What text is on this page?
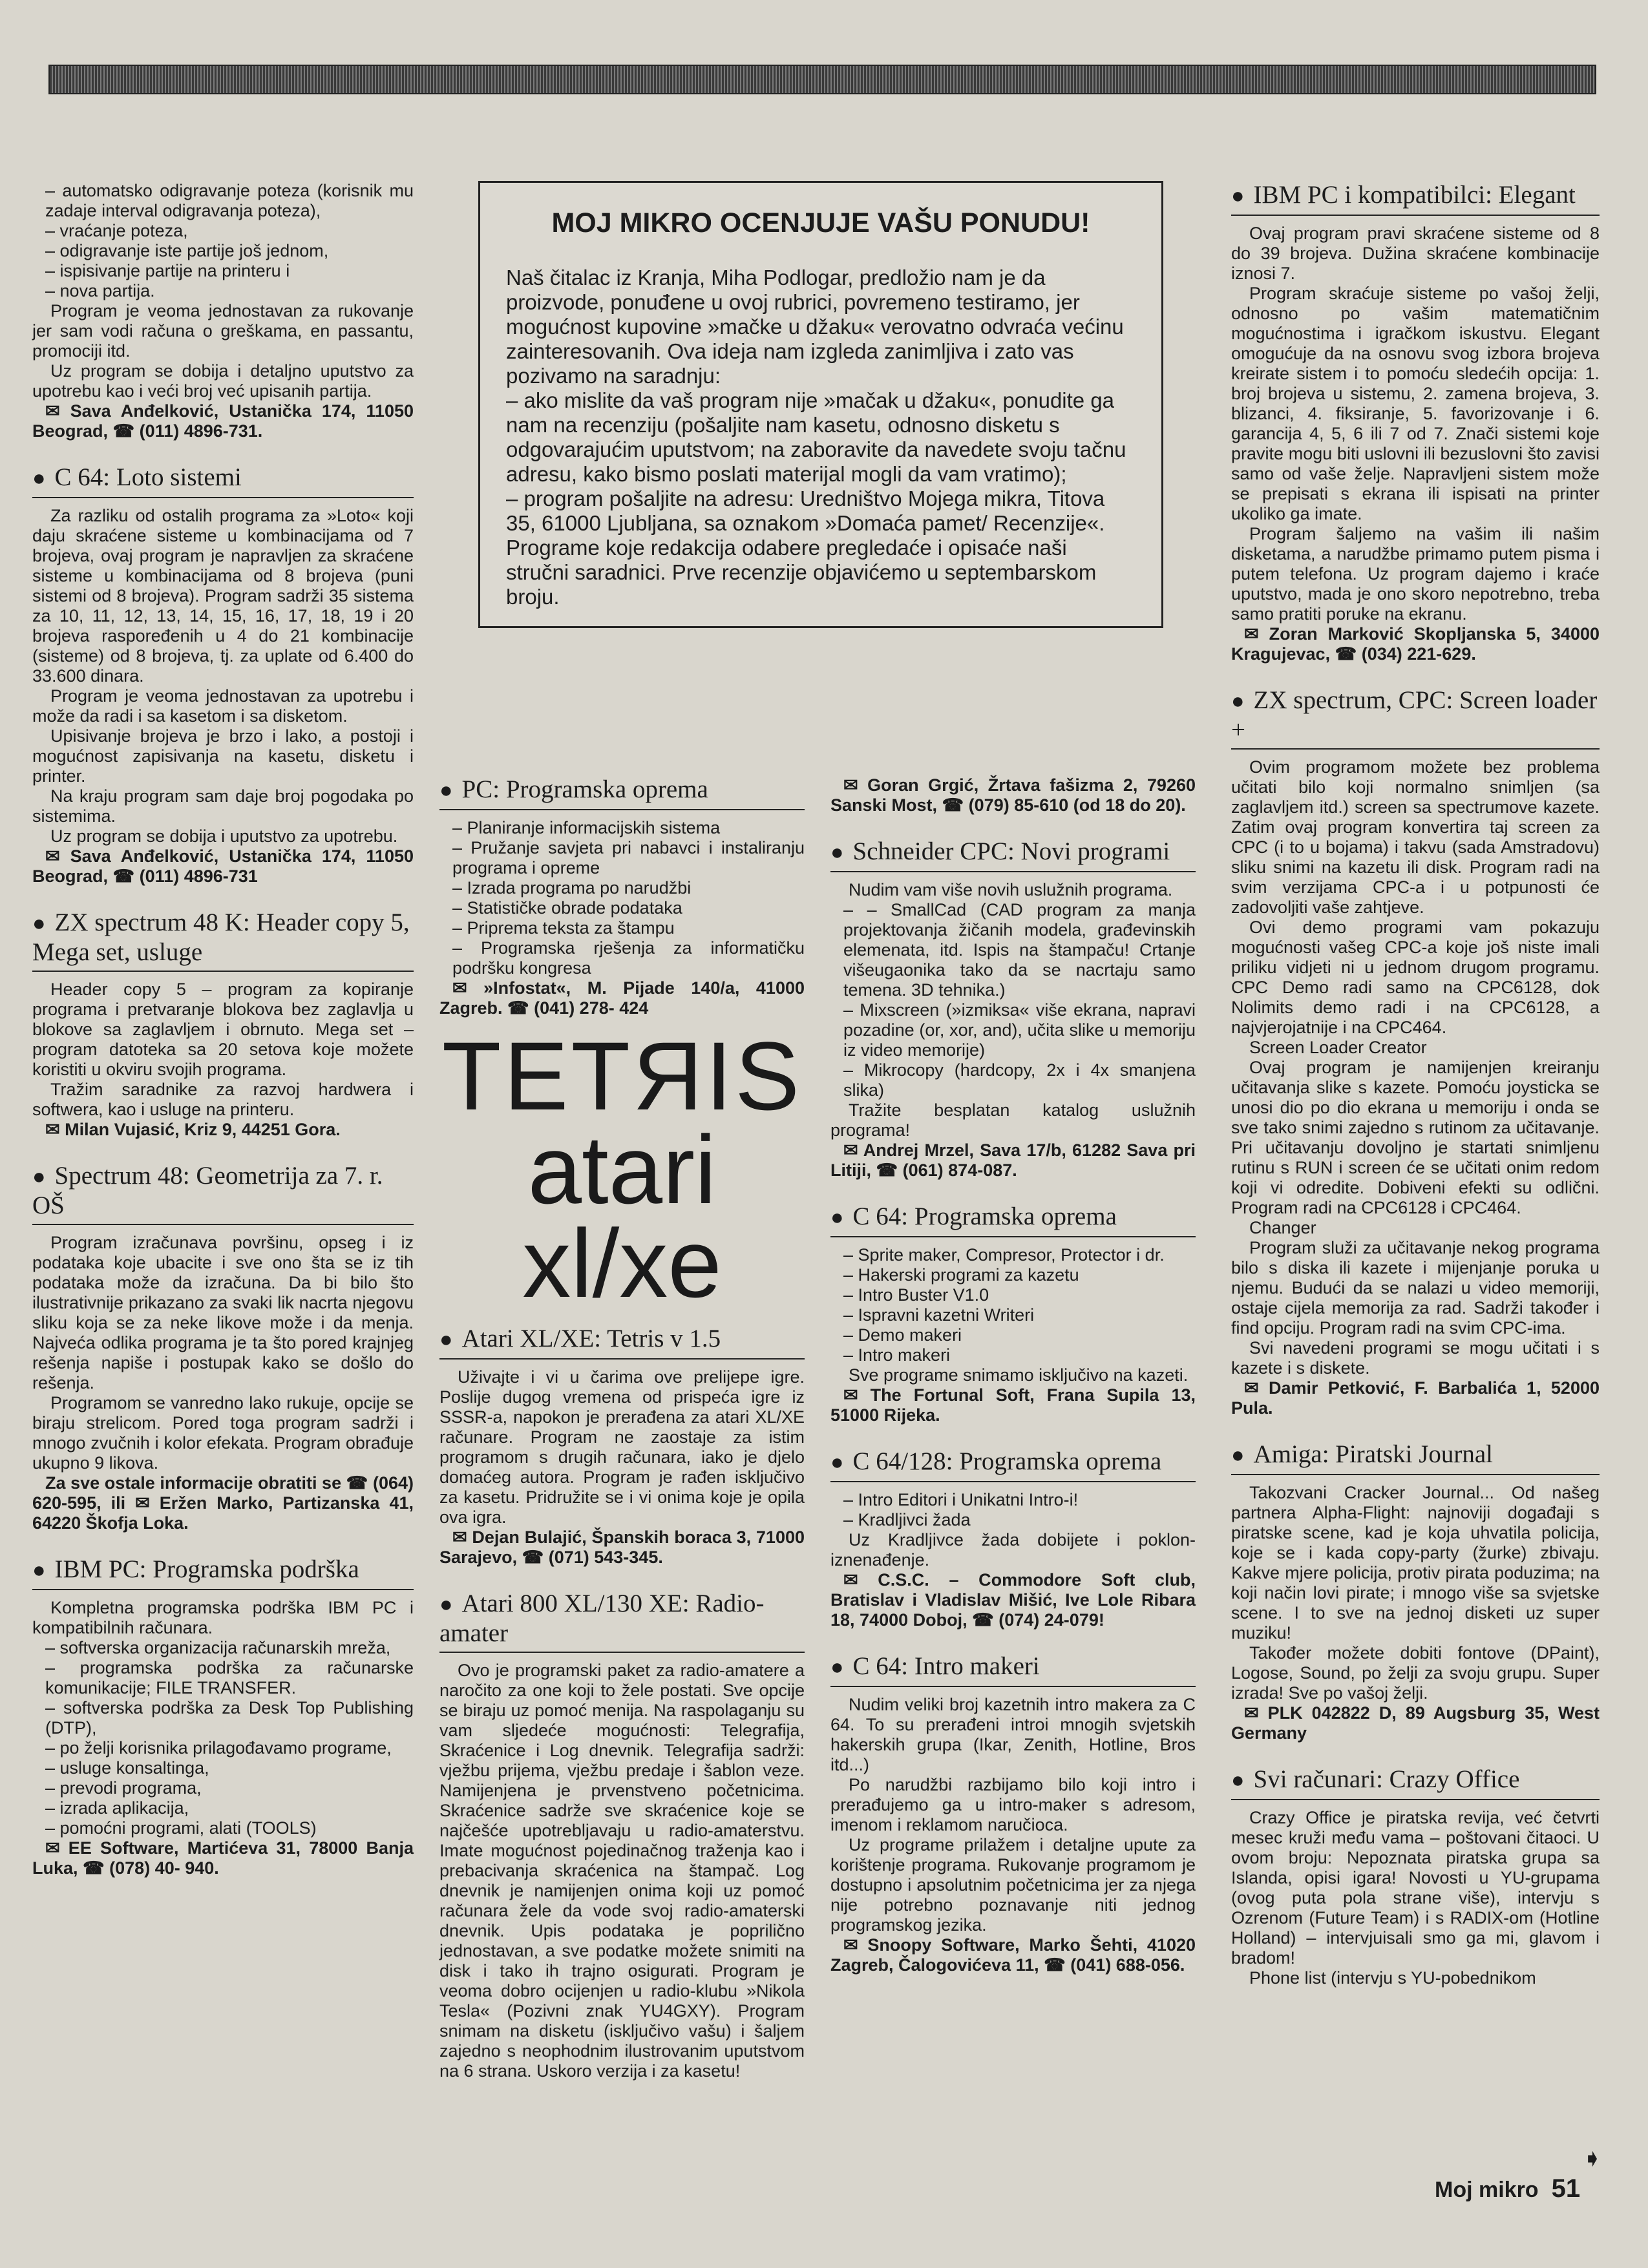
– automatsko odigravanje poteza (korisnik mu zadaje interval odigravanja poteza),

– vraćanje poteza,

– odigravanje iste partije još jednom,

– ispisivanje partije na printeru i

– nova partija.

Program je veoma jednostavan za rukovanje jer sam vodi računa o greškama, en passantu, promociji itd.

Uz program se dobija i detaljno uputstvo za upotrebu kao i veći broj već upisanih partija.

✉ Sava Anđelković, Ustanička 174, 11050 Beograd, ☎ (011) 4896-731.

● C 64: Loto sistemi

Za razliku od ostalih programa za »Loto« koji daju skraćene sisteme u kombinacijama od 7 brojeva, ovaj program je napravljen za skraćene sisteme u kombinacijama od 8 brojeva (puni sistemi od 8 brojeva). Program sadrži 35 sistema za 10, 11, 12, 13, 14, 15, 16, 17, 18, 19 i 20 brojeva raspoređenih u 4 do 21 kombinacije (sisteme) od 8 brojeva, tj. za uplate od 6.400 do 33.600 dinara.

Program je veoma jednostavan za upotrebu i može da radi i sa kasetom i sa disketom.

Upisivanje brojeva je brzo i lako, a postoji i mogućnost zapisivanja na kasetu, disketu i printer.

Na kraju program sam daje broj pogodaka po sistemima.

Uz program se dobija i uputstvo za upotrebu.

✉ Sava Anđelković, Ustanička 174, 11050 Beograd, ☎ (011) 4896-731

● ZX spectrum 48 K: Header copy 5, Mega set, usluge

Header copy 5 – program za kopiranje programa i pretvaranje blokova bez zaglavlja u blokove sa zaglavljem i obrnuto. Mega set – program datoteka sa 20 setova koje možete koristiti u okviru svojih programa.

Tražim saradnike za razvoj hardwera i softwera, kao i usluge na printeru.

✉ Milan Vujasić, Kriz 9, 44251 Gora.

● Spectrum 48: Geometrija za 7. r. OŠ

Program izračunava površinu, opseg i iz podataka koje ubacite i sve ono šta se iz tih podataka može da izračuna. Da bi bilo što ilustrativnije prikazano za svaki lik nacrta njegovu sliku koja se za neke likove može i da menja. Najveća odlika programa je ta što pored krajnjeg rešenja napiše i postupak kako se došlo do rešenja.

Programom se vanredno lako rukuje, opcije se biraju strelicom. Pored toga program sadrži i mnogo zvučnih i kolor efekata. Program obrađuje ukupno 9 likova.

Za sve ostale informacije obratiti se ☎ (064) 620-595, ili ✉ Eržen Marko, Partizanska 41, 64220 Škofja Loka.

● IBM PC: Programska podrška

Kompletna programska podrška IBM PC i kompatibilnih računara.

– softverska organizacija računarskih mreža,

– programska podrška za računarske komunikacije; FILE TRANSFER.

– softverska podrška za Desk Top Publishing (DTP),

– po želji korisnika prilagođavamo programe,

– usluge konsaltinga,

– prevodi programa,

– izrada aplikacija,

– pomoćni programi, alati (TOOLS)

✉ EE Software, Martićeva 31, 78000 Banja Luka, ☎ (078) 40- 940.

MOJ MIKRO OCENJUJE VAŠU PONUDU!

Naš čitalac iz Kranja, Miha Podlogar, predložio nam je da proizvode, ponuđene u ovoj rubrici, povremeno testiramo, jer mogućnost kupovine »mačke u džaku« verovatno odvraća većinu zainteresovanih. Ova ideja nam izgleda zanimljiva i zato vas pozivamo na saradnju:

– ako mislite da vaš program nije »mačak u džaku«, ponudite ga nam na recenziju (pošaljite nam kasetu, odnosno disketu s odgovarajućim uputstvom; na zaboravite da navedete svoju tačnu adresu, kako bismo poslati materijal mogli da vam vratimo);

– program pošaljite na adresu: Uredništvo Mojega mikra, Titova 35, 61000 Ljubljana, sa oznakom »Domaća pamet/ Recenzije«.

Programe koje redakcija odabere pregledaće i opisaće naši stručni saradnici. Prve recenzije objavićemo u septembarskom broju.

● PC: Programska oprema

– Planiranje informacijskih sistema

– Pružanje savjeta pri nabavci i instaliranju programa i opreme

– Izrada programa po narudžbi

– Statističke obrade podataka

– Pripremа teksta za štampu

– Programska rješenja za informatičku podršku kongresa

✉ »Infostat«, M. Pijade 140/a, 41000 Zagreb. ☎ (041) 278- 424

TETЯIS
atari
xl/xe
● Atari XL/XE: Tetris v 1.5

Uživajte i vi u čarima ove prelijepe igre. Poslije dugog vremena od prispeća igre iz SSSR-a, napokon je prerađena za atari XL/XE računare. Program ne zaostaje za istim programom s drugih računara, iako je djelo domaćeg autora. Program je rađen isključivo za kasetu. Pridružite se i vi onima koje je opila ova igra.

✉ Dejan Bulajić, Španskih boraca 3, 71000 Sarajevo, ☎ (071) 543-345.

● Atari 800 XL/130 XE: Radio-amater

Ovo je programski paket za radio-amatere a naročito za one koji to žele postati. Sve opcije se biraju uz pomoć menija. Na raspolaganju su vam sljedeće mogućnosti: Telegrafija, Skraćenice i Log dnevnik. Telegrafija sadrži: vježbu prijema, vježbu predaje i šablon veze. Namijenjena je prvenstveno početnicima. Skraćenice sadrže sve skraćenice koje se najčešće upotrebljavaju u radio-amaterstvu. Imate mogućnost pojedinačnog traženja kao i prebacivanja skraćenica na štampač. Log dnevnik je namijenjen onima koji uz pomoć računara žele da vode svoj radio-amaterski dnevnik. Upis podataka je poprilično jednostavan, a sve podatke možete snimiti na disk i tako ih trajno osigurati. Program je veoma dobro ocijenjen u radio-klubu »Nikola Tesla« (Pozivni znak YU4GXY). Program snimam na disketu (isključivo vašu) i šaljem zajedno s neophodnim ilustrovanim uputstvom na 6 strana. Uskoro verzija i za kasetu!

✉ Goran Grgić, Žrtava fašizma 2, 79260 Sanski Most, ☎ (079) 85-610 (od 18 do 20).

● Schneider CPC: Novi programi

Nudim vam više novih uslužnih programa.

– – SmallCad (CAD program za manja projektovanja žičanih modela, građevinskih elemenata, itd. Ispis na štampaču! Crtanje višeugaonika tako da se nacrtaju samo temena. 3D tehnika.)

– Mixscreen (»izmiksa« više ekrana, napravi pozadine (or, xor, and), učita slike u memoriju iz video memorije)

– Mikrocopy (hardcopy, 2x i 4x smanjena slika)

Tražite besplatan katalog uslužnih programa!

✉ Andrej Mrzel, Sava 17/b, 61282 Sava pri Litiji, ☎ (061) 874-087.

● C 64: Programska oprema

– Sprite maker, Compresor, Protector i dr.

– Hakerski programi za kazetu

– Intro Buster V1.0

– Ispravni kazetni Writeri

– Demo makeri

– Intro makeri

Sve programe snimamo isključivo na kazeti.

✉ The Fortunal Soft, Frana Supila 13, 51000 Rijeka.

● C 64/128: Programska oprema

– Intro Editori i Unikatni Intro-i!

– Kradljivci žada

Uz Kradljivce žada dobijete i poklon-iznenađenje.

✉ C.S.C. – Commodore Soft club, Bratislav i Vladislav Mišić, Ive Lole Ribara 18, 74000 Doboj, ☎ (074) 24-079!

● C 64: Intro makeri

Nudim veliki broj kazetnih intro makera za C 64. To su prerađeni introi mnogih svjetskih hakerskih grupa (Ikar, Zenith, Hotline, Bros itd...)

Po narudžbi razbijamo bilo koji intro i prerađujemo ga u intro-maker s adresom, imenom i reklamom naručioca.

Uz programe prilažem i detaljne upute za korištenje programa. Rukovanje programom je dostupno i apsolutnim početnicima jer za njega nije potrebno poznavanje niti jednog programskog jezika.

✉ Snoopy Software, Marko Šehti, 41020 Zagreb, Čalogovićeva 11, ☎ (041) 688-056.

● IBM PC i kompatibilci: Elegant

Ovaj program pravi skraćene sisteme od 8 do 39 brojeva. Dužina skraćene kombinacije iznosi 7.

Program skraćuje sisteme po vašoj želji, odnosno po vašim matematičnim mogućnostima i igračkom iskustvu. Elegant omogućuje da na osnovu svog izbora brojeva kreirate sistem i to pomoću sledećih opcija: 1. broj brojeva u sistemu, 2. zamena brojeva, 3. blizanci, 4. fiksiranje, 5. favorizovanje i 6. garancija 4, 5, 6 ili 7 od 7. Znači sistemi koje pravite mogu biti uslovni ili bezuslovni što zavisi samo od vaše želje. Napravljeni sistem može se prepisati s ekrana ili ispisati na printer ukoliko ga imate.

Program šaljemo na vašim ili našim disketama, a narudžbe primamo putem pisma i putem telefona. Uz program dajemo i kraće uputstvo, mada je ono skoro nepotrebno, treba samo pratiti poruke na ekranu.

✉ Zoran Marković Skopljanska 5, 34000 Kragujevac, ☎ (034) 221-629.

● ZX spectrum, CPC: Screen loader +

Ovim programom možete bez problema učitati bilo koji normalno snimljen (sa zaglavljem itd.) screen sa spectrumove kazete. Zatim ovaj program konvertira taj screen za CPC (i to u bojama) i takvu (sada Amstradovu) sliku snimi na kazetu ili disk. Program radi na svim verzijama CPC-a i u potpunosti će zadovoljiti vaše zahtjeve.

Ovi demo programi vam pokazuju mogućnosti vašeg CPC-a koje još niste imali priliku vidjeti ni u jednom drugom programu. CPC Demo radi samo na CPC6128, dok Nolimits demo radi i na CPC6128, a najvjerojatnije i na CPC464.

Screen Loader Creator

Ovaj program je namijenjen kreiranju učitavanja slike s kazete. Pomoću joysticka se unosi dio po dio ekrana u memoriju i onda se sve tako snimi zajedno s rutinom za učitavanje. Pri učitavanju dovoljno je startati snimljenu rutinu s RUN i screen će se učitati onim redom koji vi odredite. Dobiveni efekti su odlični. Program radi na CPC6128 i CPC464.

Changer

Program služi za učitavanje nekog programa bilo s diska ili kazete i mijenjanje poruka u njemu. Budući da se nalazi u video memoriji, ostaje cijela memorija za rad. Sadrži također i find opciju. Program radi na svim CPC-ima.

Svi navedeni programi se mogu učitati i s kazete i s diskete.

✉ Damir Petković, F. Barbalića 1, 52000 Pula.

● Amiga: Piratski Journal

Takozvani Cracker Journal... Od našeg partnera Alpha-Flight: najnoviji događaji s piratske scene, kad je koja uhvatila policija, koje se i kada copy-party (žurke) zbivaju. Kakve mjere policija, protiv pirata poduzima; na koji način lovi pirate; i mnogo više sa svjetske scene. I to sve na jednoj disketi uz super muziku!

Također možete dobiti fontove (DPaint), Logose, Sound, po želji za svoju grupu. Super izrada! Sve po vašoj želji.

✉ PLK 042822 D, 89 Augsburg 35, West Germany

● Svi računari: Crazy Office

Crazy Office je piratska revija, već četvrti mesec kruži među vama – poštovani čitaoci. U ovom broju: Nepoznata piratska grupa sa Islanda, opisi igara! Novosti u YU-grupama (ovog puta pola strane više), intervju s Ozrenom (Future Team) i s RADIX-om (Hotline Holland) – intervjuisali smo ga mi, glavom i bradom!

Phone list (intervju s YU-pobednikom

➧
Moj mikro 51
